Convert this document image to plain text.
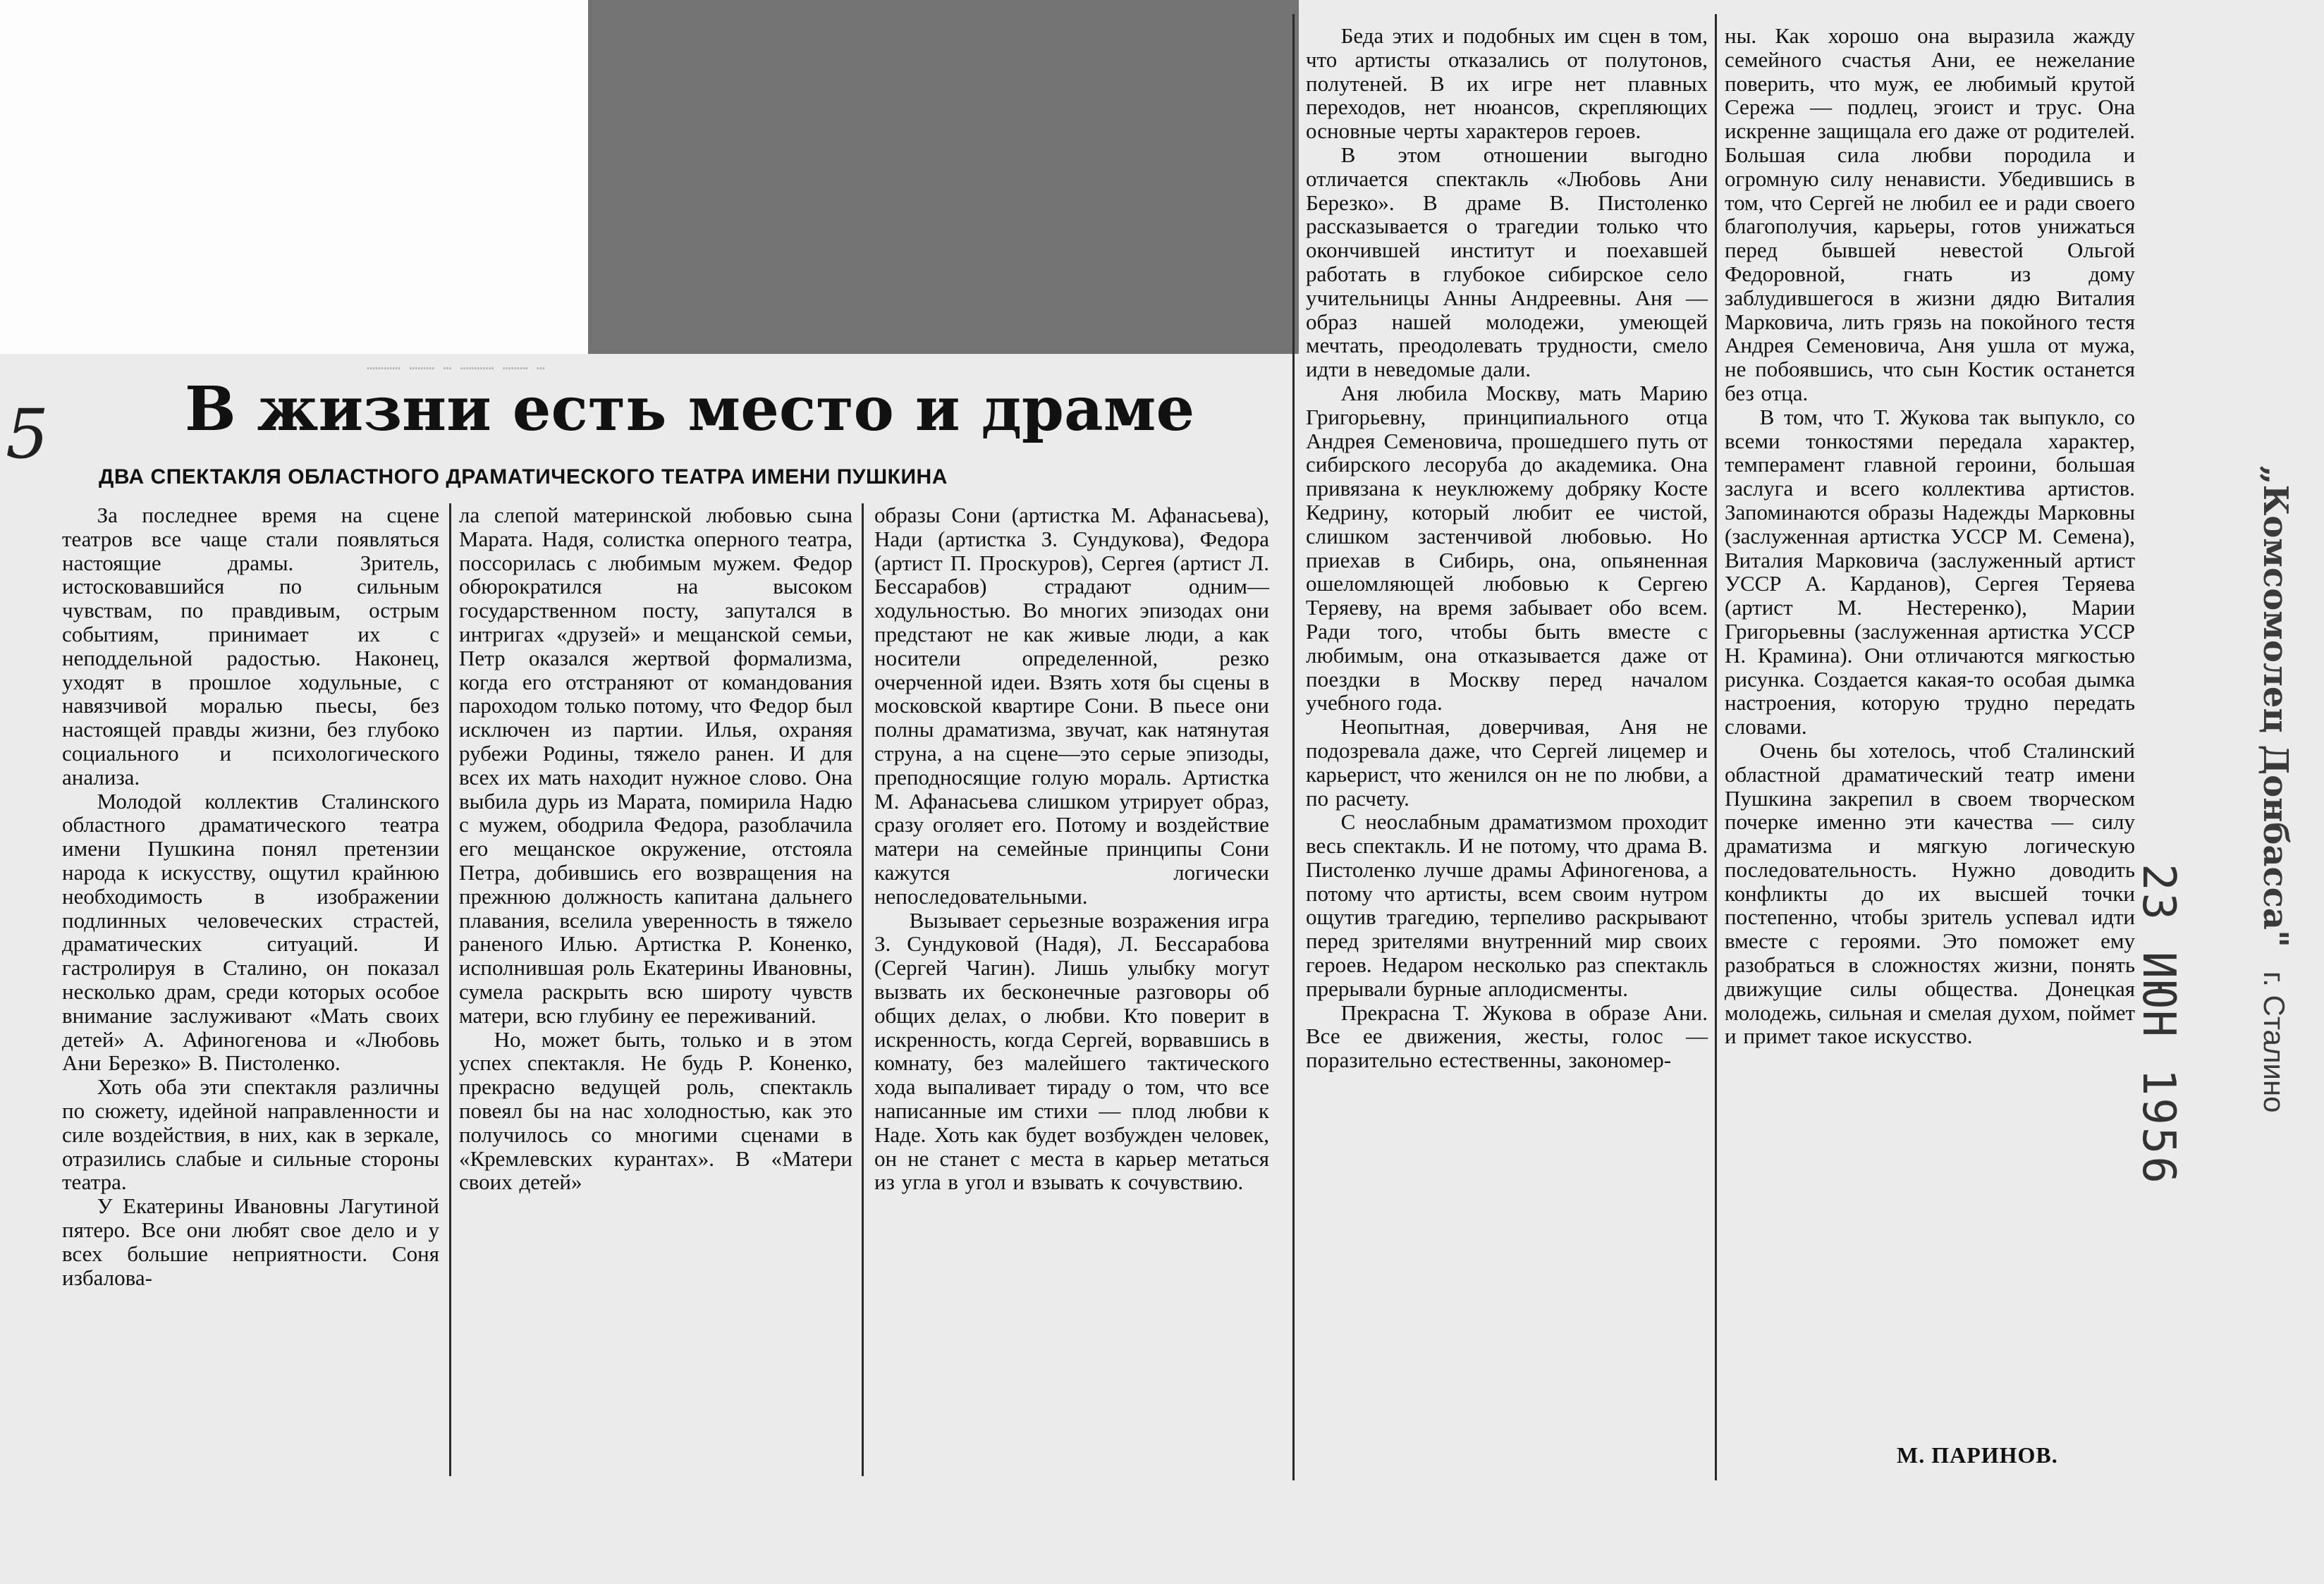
………… ……… … ………… ……… …
5 В жизни есть место и драме
ДВА СПЕКТАКЛЯ ОБЛАСТНОГО ДРАМАТИЧЕСКОГО ТЕАТРА ИМЕНИ ПУШКИНА

За последнее время на сцене театров все чаще стали появляться настоящие драмы. Зритель, истосковавшийся по сильным чувствам, по правдивым, острым событиям, принимает их с неподдельной радостью. Наконец, уходят в прошлое ходульные, с навязчивой моралью пьесы, без настоящей правды жизни, без глубоко социального и психологического анализа.

Молодой коллектив Сталинского областного драматического театра имени Пушкина понял претензии народа к искусству, ощутил крайнюю необходимость в изображении подлинных человеческих страстей, драматических ситуаций. И гастролируя в Сталино, он показал несколько драм, среди которых особое внимание заслуживают «Мать своих детей» А. Афиногенова и «Любовь Ани Березко» В. Пистоленко.

Хоть оба эти спектакля различны по сюжету, идейной направленности и силе воздействия, в них, как в зеркале, отразились слабые и сильные стороны театра.

У Екатерины Ивановны Лагутиной пятеро. Все они любят свое дело и у всех большие неприятности. Соня избалова-

ла слепой материнской любовью сына Марата. Надя, солистка оперного театра, поссорилась с любимым мужем. Федор обюрократился на высоком государственном посту, запутался в интригах «друзей» и мещанской семьи, Петр оказался жертвой формализма, когда его отстраняют от командования пароходом только потому, что Федор был исключен из партии. Илья, охраняя рубежи Родины, тяжело ранен. И для всех их мать находит нужное слово. Она выбила дурь из Марата, помирила Надю с мужем, ободрила Федора, разоблачила его мещанское окружение, отстояла Петра, добившись его возвращения на прежнюю должность капитана дальнего плавания, вселила уверенность в тяжело раненого Илью. Артистка Р. Коненко, исполнившая роль Екатерины Ивановны, сумела раскрыть всю широту чувств матери, всю глубину ее переживаний.

Но, может быть, только и в этом успех спектакля. Не будь Р. Коненко, прекрасно ведущей роль, спектакль повеял бы на нас холодностью, как это получилось со многими сценами в «Кремлевских курантах». В «Матери своих детей»

образы Сони (артистка М. Афанасьева), Нади (артистка З. Сундукова), Федора (артист П. Проскуров), Сергея (артист Л. Бессарабов) страдают одним—ходульностью. Во многих эпизодах они предстают не как живые люди, а как носители определенной, резко очерченной идеи. Взять хотя бы сцены в московской квартире Сони. В пьесе они полны драматизма, звучат, как натянутая струна, а на сцене—это серые эпизоды, преподносящие голую мораль. Артистка М. Афанасьева слишком утрирует образ, сразу оголяет его. Потому и воздействие матери на семейные принципы Сони кажутся логически непоследовательными.

Вызывает серьезные возражения игра З. Сундуковой (Надя), Л. Бессарабова (Сергей Чагин). Лишь улыбку могут вызвать их бесконечные разговоры об общих делах, о любви. Кто поверит в искренность, когда Сергей, ворвавшись в комнату, без малейшего тактического хода выпаливает тираду о том, что все написанные им стихи — плод любви к Наде. Хоть как будет возбужден человек, он не станет с места в карьер метаться из угла в угол и взывать к сочувствию.

Беда этих и подобных им сцен в том, что артисты отказались от полутонов, полутеней. В их игре нет плавных переходов, нет нюансов, скрепляющих основные черты характеров героев.

В этом отношении выгодно отличается спектакль «Любовь Ани Березко». В драме В. Пистоленко рассказывается о трагедии только что окончившей институт и поехавшей работать в глубокое сибирское село учительницы Анны Андреевны. Аня — образ нашей молодежи, умеющей мечтать, преодолевать трудности, смело идти в неведомые дали.

Аня любила Москву, мать Марию Григорьевну, принципиального отца Андрея Семеновича, прошедшего путь от сибирского лесоруба до академика. Она привязана к неуклюжему добряку Косте Кедрину, который любит ее чистой, слишком застенчивой любовью. Но приехав в Сибирь, она, опьяненная ошеломляющей любовью к Сергею Теряеву, на время забывает обо всем. Ради того, чтобы быть вместе с любимым, она отказывается даже от поездки в Москву перед началом учебного года.

Неопытная, доверчивая, Аня не подозревала даже, что Сергей лицемер и карьерист, что женился он не по любви, а по расчету.

С неослабным драматизмом проходит весь спектакль. И не потому, что драма В. Пистоленко лучше драмы Афиногенова, а потому что артисты, всем своим нутром ощутив трагедию, терпеливо раскрывают перед зрителями внутренний мир своих героев. Недаром несколько раз спектакль прерывали бурные аплодисменты.

Прекрасна Т. Жукова в образе Ани. Все ее движения, жесты, голос — поразительно естественны, закономер-

ны. Как хорошо она выразила жажду семейного счастья Ани, ее нежелание поверить, что муж, ее любимый крутой Сережа — подлец, эгоист и трус. Она искренне защищала его даже от родителей. Большая сила любви породила и огромную силу ненависти. Убедившись в том, что Сергей не любил ее и ради своего благополучия, карьеры, готов унижаться перед бывшей невестой Ольгой Федоровной, гнать из дому заблудившегося в жизни дядю Виталия Марковича, лить грязь на покойного тестя Андрея Семеновича, Аня ушла от мужа, не побоявшись, что сын Костик останется без отца.

В том, что Т. Жукова так выпукло, со всеми тонкостями передала характер, темперамент главной героини, большая заслуга и всего коллектива артистов. Запоминаются образы Надежды Марковны (заслуженная артистка УССР М. Семена), Виталия Марковича (заслуженный артист УССР А. Карданов), Сергея Теряева (артист М. Нестеренко), Марии Григорьевны (заслуженная артистка УССР Н. Крамина). Они отличаются мягкостью рисунка. Создается какая-то особая дымка настроения, которую трудно передать словами.

Очень бы хотелось, чтоб Сталинский областной драматический театр имени Пушкина закрепил в своем творческом почерке именно эти качества — силу драматизма и мягкую логическую последовательность. Нужно доводить конфликты до их высшей точки постепенно, чтобы зритель успевал идти вместе с героями. Это поможет ему разобраться в сложностях жизни, понять движущие силы общества. Донецкая молодежь, сильная и смелая духом, поймет и примет такое искусство.

М. ПАРИНОВ.
„Комсомолец Донбасса" г. Сталино
23 ИЮН 1956
